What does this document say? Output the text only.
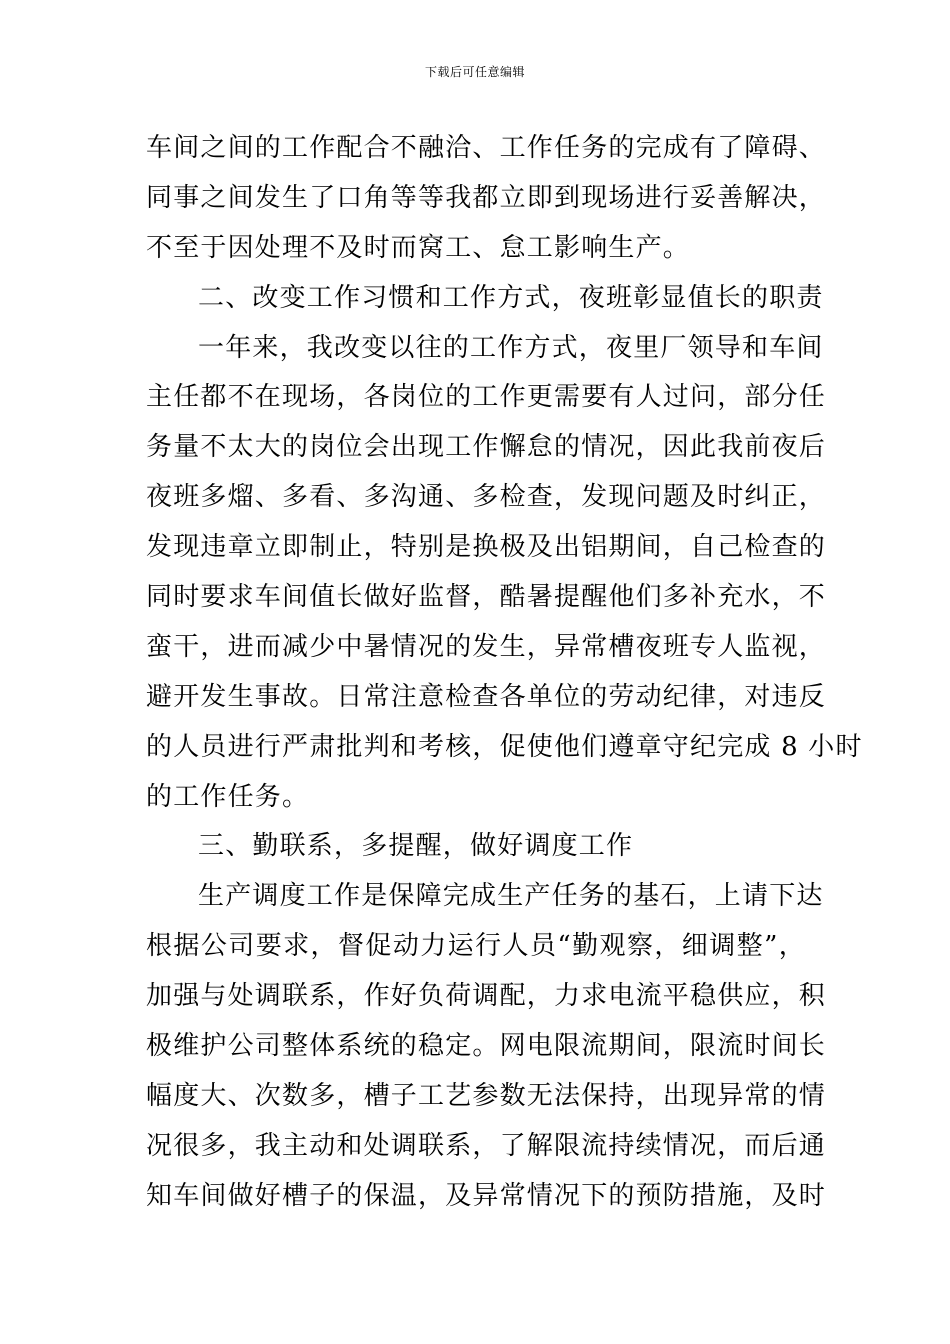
下载后可任意编辑
车间之间的工作配合不融洽、工作任务的完成有了障碍、
同事之间发生了口角等等我都立即到现场进行妥善解决，
不至于因处理不及时而窝工、怠工影响生产。
二、改变工作习惯和工作方式，夜班彰显值长的职责
一年来，我改变以往的工作方式，夜里厂领导和车间
主任都不在现场，各岗位的工作更需要有人过问，部分任
务量不太大的岗位会出现工作懈怠的情况，因此我前夜后
夜班多熘、多看、多沟通、多检查，发现问题及时纠正，
发现违章立即制止，特别是换极及出铝期间，自己检查的
同时要求车间值长做好监督，酷暑提醒他们多补充水，不
蛮干，进而减少中暑情况的发生，异常槽夜班专人监视，
避开发生事故。日常注意检查各单位的劳动纪律，对违反
的人员进行严肃批判和考核，促使他们遵章守纪完成 8 小时
的工作任务。
三、勤联系，多提醒，做好调度工作
生产调度工作是保障完成生产任务的基石，上请下达
根据公司要求，督促动力运行人员“勤观察，细调整”，
加强与处调联系，作好负荷调配，力求电流平稳供应，积
极维护公司整体系统的稳定。网电限流期间，限流时间长
幅度大、次数多，槽子工艺参数无法保持，出现异常的情
况很多，我主动和处调联系，了解限流持续情况，而后通
知车间做好槽子的保温，及异常情况下的预防措施，及时
